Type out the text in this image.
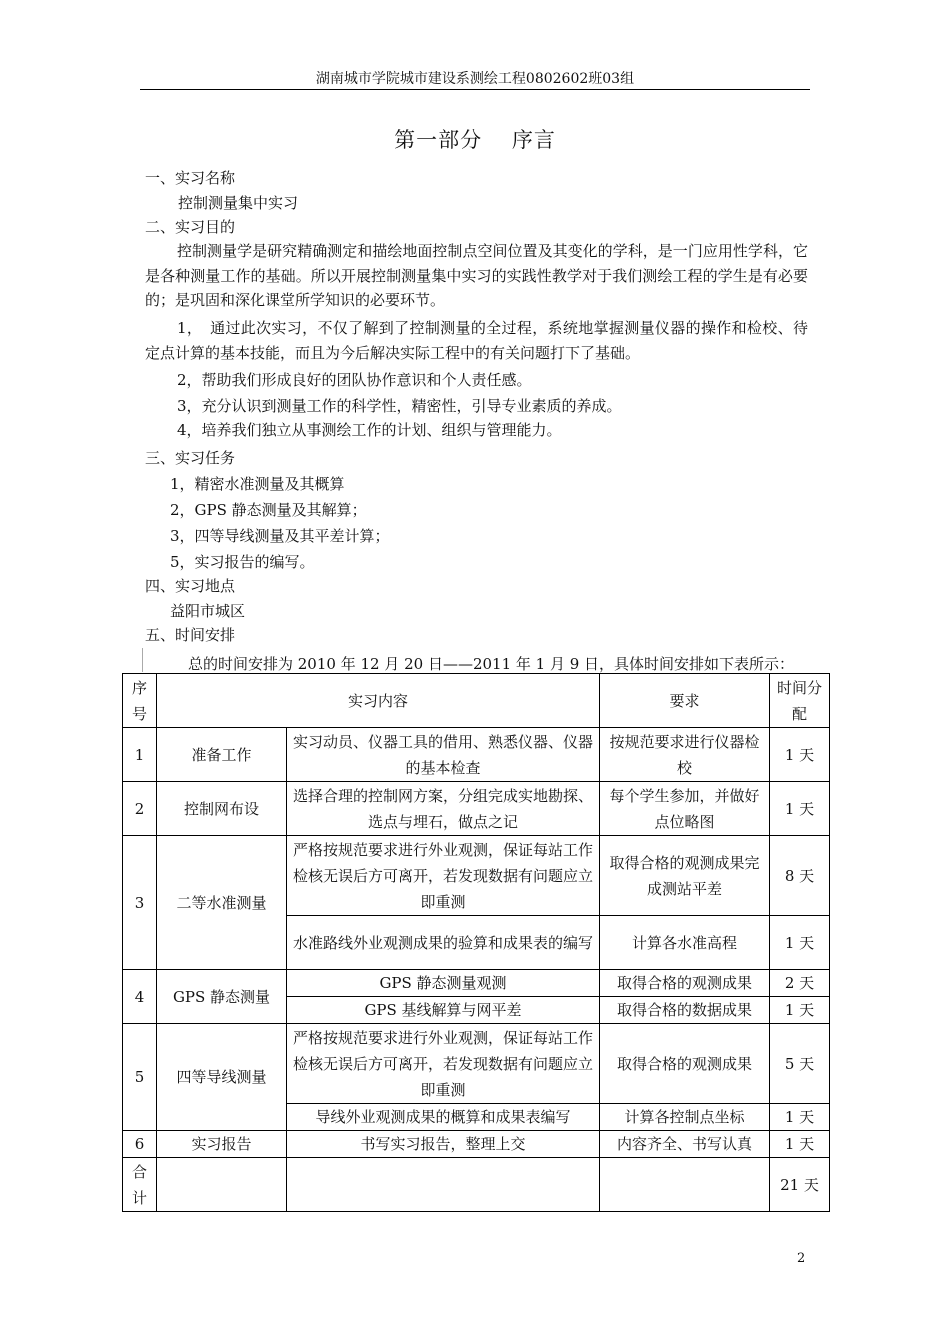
湖南城市学院城市建设系测绘工程0802602班03组
第一部分　 序言
一、实习名称
控制测量集中实习
二、实习目的
控制测量学是研究精确测定和描绘地面控制点空间位置及其变化的学科，是一门应用性学科，它是各种测量工作的基础。所以开展控制测量集中实习的实践性教学对于我们测绘工程的学生是有必要的；是巩固和深化课堂所学知识的必要环节。
1，　通过此次实习，不仅了解到了控制测量的全过程，系统地掌握测量仪器的操作和检校、待定点计算的基本技能，而且为今后解决实际工程中的有关问题打下了基础。
2，帮助我们形成良好的团队协作意识和个人责任感。
3，充分认识到测量工作的科学性，精密性，引导专业素质的养成。
4，培养我们独立从事测绘工作的计划、组织与管理能力。
三、实习任务
1，精密水准测量及其概算
2，GPS 静态测量及其解算；
3，四等导线测量及其平差计算；
5，实习报告的编写。
四、实习地点
益阳市城区
五、时间安排
总的时间安排为 2010 年 12 月 20 日——2011 年 1 月 9 日，具体时间安排如下表所示：
序号	实习内容		要求	时间分配
1	准备工作	实习动员、仪器工具的借用、熟悉仪器、仪器的基本检查	按规范要求进行仪器检校	1 天
2	控制网布设	选择合理的控制网方案，分组完成实地勘探、选点与埋石，做点之记	每个学生参加，并做好点位略图	1 天
3	二等水准测量	严格按规范要求进行外业观测，保证每站工作检核无误后方可离开，若发现数据有问题应立即重测	取得合格的观测成果完成测站平差	8 天
		水准路线外业观测成果的验算和成果表的编写	计算各水准高程	1 天
4	GPS 静态测量	GPS 静态测量观测	取得合格的观测成果	2 天
		GPS 基线解算与网平差	取得合格的数据成果	1 天
5	四等导线测量	严格按规范要求进行外业观测，保证每站工作检核无误后方可离开，若发现数据有问题应立即重测	取得合格的观测成果	5 天
		导线外业观测成果的概算和成果表编写	计算各控制点坐标	1 天
6	实习报告	书写实习报告，整理上交	内容齐全、书写认真	1 天
合计				21 天
2
